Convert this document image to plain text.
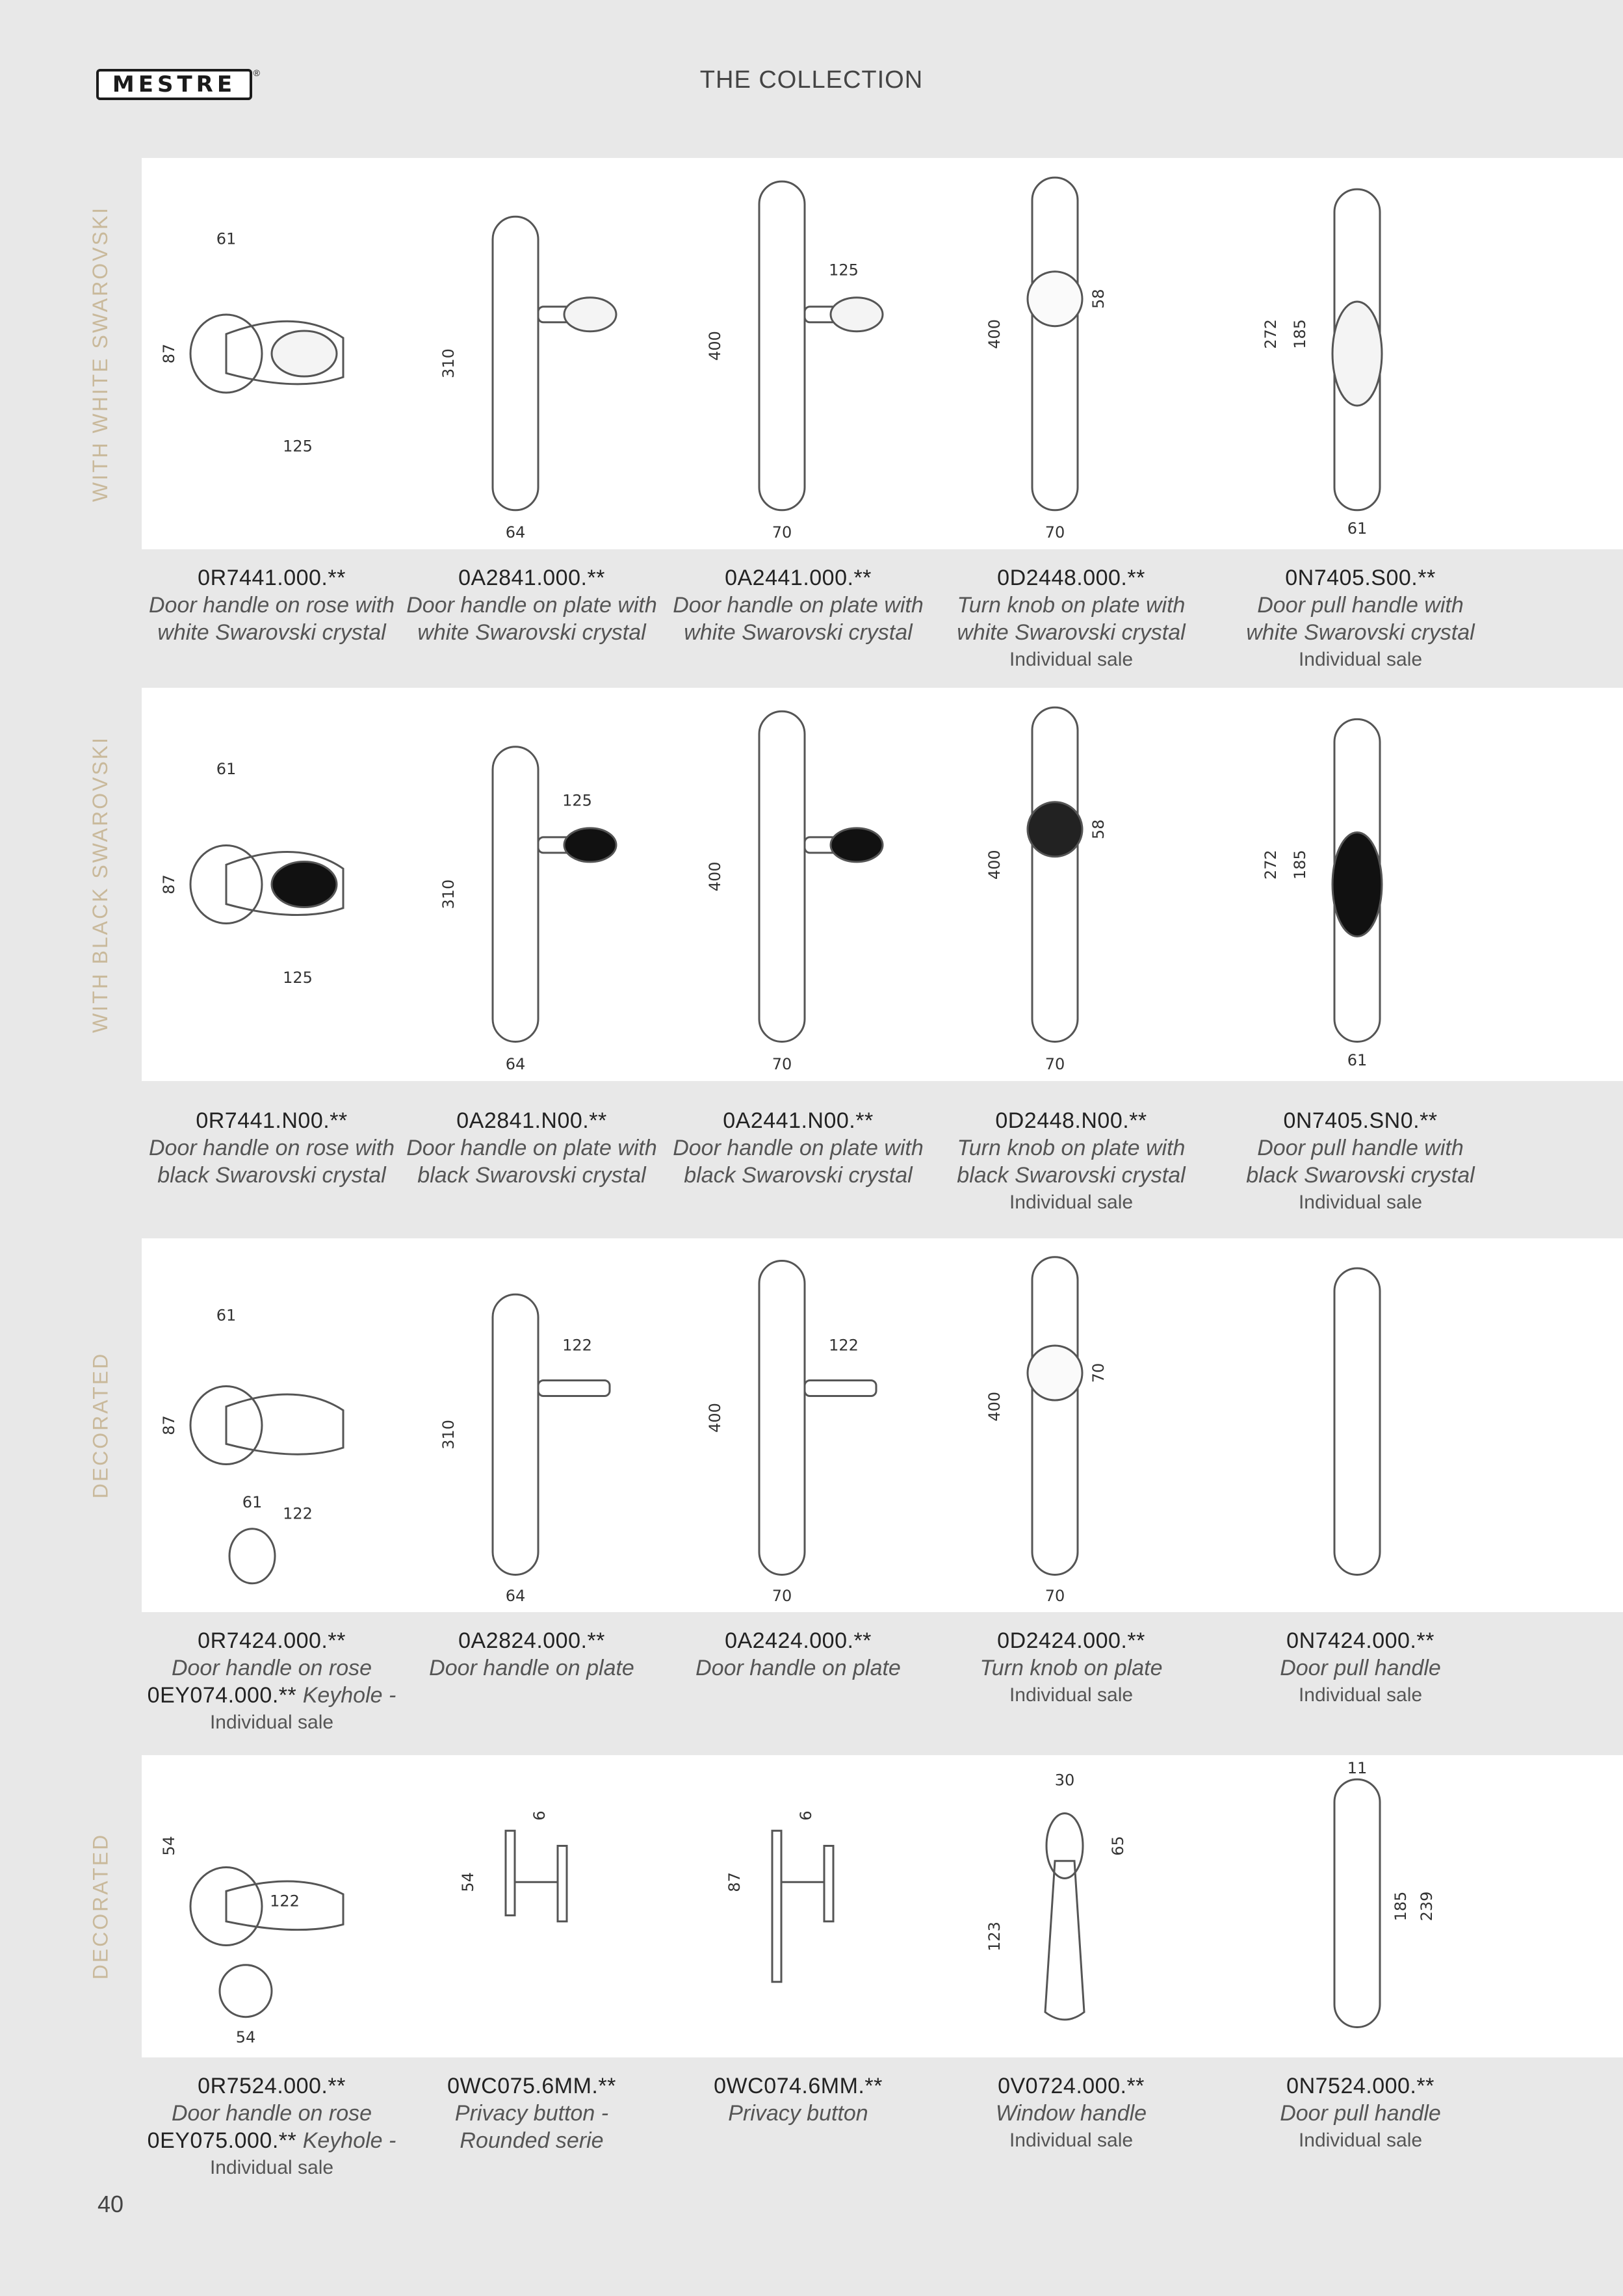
MESTRE ®	THE COLLECTION
WITH WHITE SWAROVSKI
WITH BLACK SWAROVSKI
DECORATED
DECORATED
61
87
125
0R7441.000.**
Door handle on rose with
white Swarovski crystal
310
64
0A2841.000.**
Door handle on plate with
white Swarovski crystal
400
125
70
0A2441.000.**
Door handle on plate with
white Swarovski crystal
400
58
70
0D2448.000.**
Turn knob on plate with
white Swarovski crystal
Individual sale
272 185
61
0N7405.S00.**
Door pull handle with
white Swarovski crystal
Individual sale
61
87
125
0R7441.N00.**
Door handle on rose with
black Swarovski crystal
310
125
64
0A2841.N00.**
Door handle on plate with
black Swarovski crystal
400
70
0A2441.N00.**
Door handle on plate with
black Swarovski crystal
400
58
70
0D2448.N00.**
Turn knob on plate with
black Swarovski crystal
Individual sale
272 185
61
0N7405.SN0.**
Door pull handle with
black Swarovski crystal
Individual sale
61
87
122
61
0R7424.000.**
Door handle on rose
0EY074.000.** Keyhole -
Individual sale
310
122
64
0A2824.000.**
Door handle on plate
400
122
70
0A2424.000.**
Door handle on plate
400
70
70
0D2424.000.**
Turn knob on plate
Individual sale
0N7424.000.**
Door pull handle
Individual sale
54
122
54
0R7524.000.**
Door handle on rose
0EY075.000.** Keyhole -
Individual sale
54
6
0WC075.6MM.**
Privacy button -
Rounded serie
87
6
0WC074.6MM.**
Privacy button
30
65
123
0V0724.000.**
Window handle
Individual sale
11
185 239
0N7524.000.**
Door pull handle
Individual sale
40
